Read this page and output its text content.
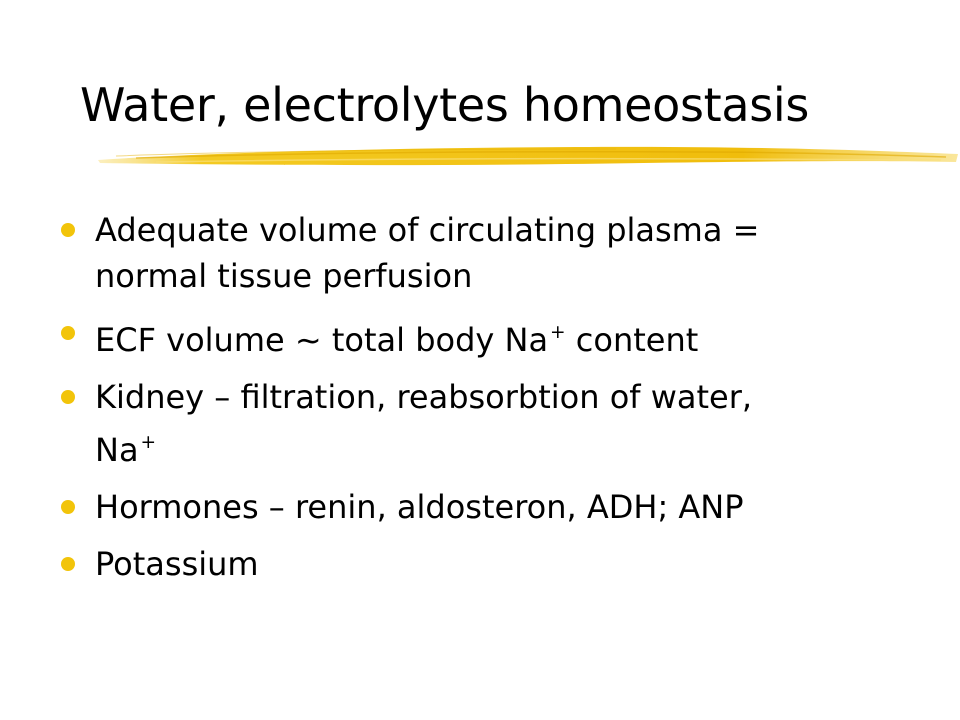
Water, electrolytes homeostasis
Adequate volume of circulating plasma =
normal tissue perfusion
ECF volume ~ total body Na + content
Kidney – filtration, reabsorbtion of water,
Na +
Hormones – renin, aldosteron, ADH; ANP
Potassium
